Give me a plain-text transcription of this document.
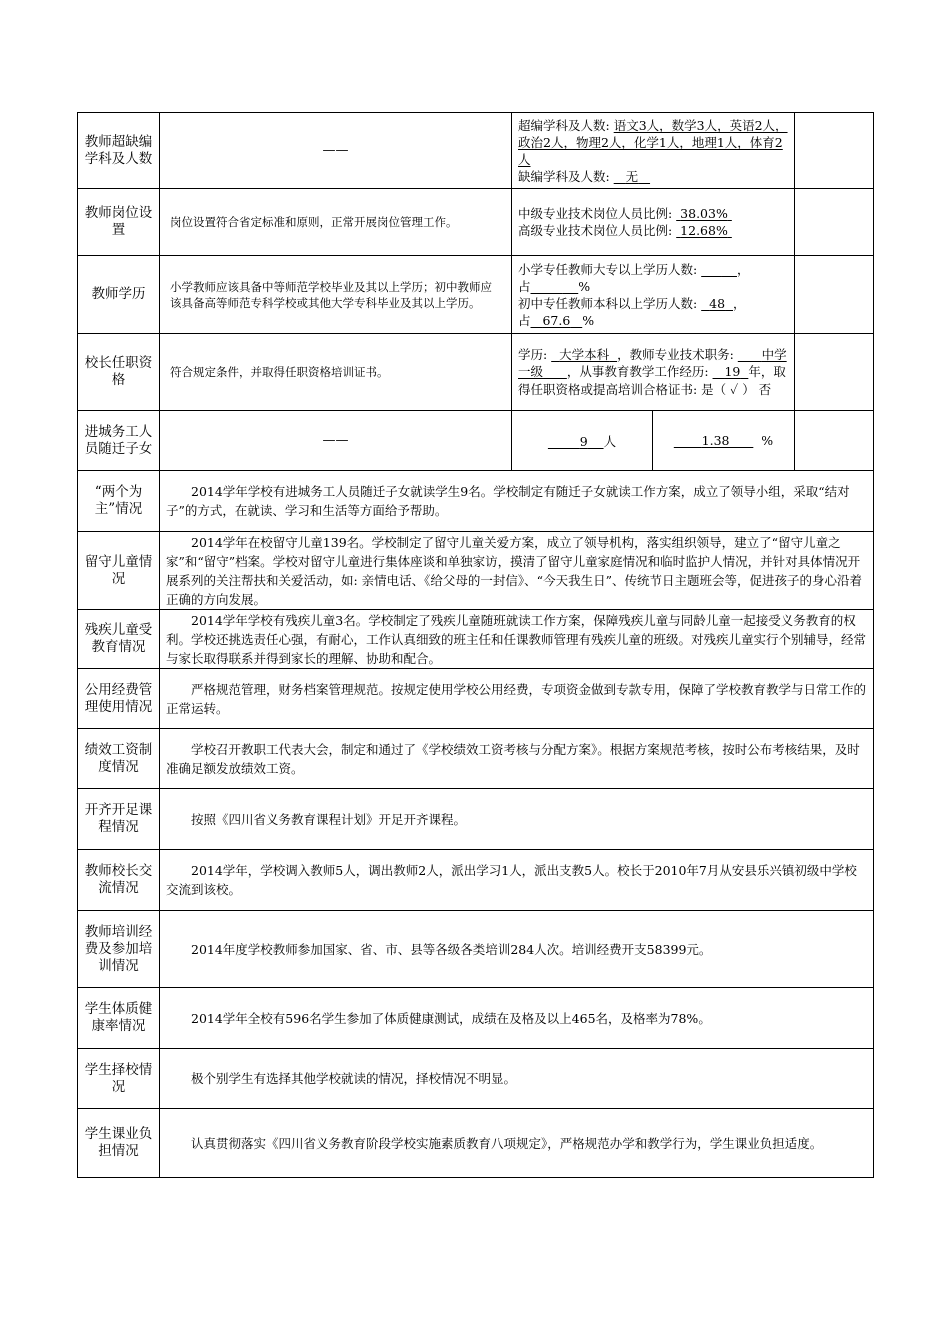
教师超缺编学科及人数	——	超编学科及人数: 语文3人，数学3人，英语2人，政治2人，物理2人，化学1人，地理1人，体育2人
缺编学科及人数:    无		

教师岗位设置	岗位设置符合省定标准和原则，正常开展岗位管理工作。	中级专业技术岗位人员比例:  38.03%
高级专业技术岗位人员比例:  12.68%		

教师学历	小学教师应该具备中等师范学校毕业及其以上学历；初中教师应该具备高等师范专科学校或其他大学专科毕业及其以上学历。	小学专任教师大专以上学历人数: ，占 %
初中专任教师本科以上学历人数:   48 ，占 67.6 %		

校长任职资格	符合规定条件，并取得任职资格培训证书。	学历:   大学本科 ，教师专业技术职务:       中学一级 ，从事教育教学工作经历:    19 年，取得任职资格或提高培训合格证书: 是（ ✓ ） 否		
进城务工人员随迁子女	——	9 人	1.38 %	
“两个为主”情况	2014学年学校有进城务工人员随迁子女就读学生9名。学校制定有随迁子女就读工作方案，成立了领导小组，采取“结对子”的方式，在就读、学习和生活等方面给予帮助。			
留守儿童情况	2014学年在校留守儿童139名。学校制定了留守儿童关爱方案，成立了领导机构，落实组织领导，建立了“留守儿童之家”和“留守”档案。学校对留守儿童进行集体座谈和单独家访，摸清了留守儿童家庭情况和临时监护人情况，并针对具体情况开展系列的关注帮扶和关爱活动，如: 亲情电话、《给父母的一封信》、“今天我生日”、传统节日主题班会等，促进孩子的身心沿着正确的方向发展。			
残疾儿童受教育情况	2014学年学校有残疾儿童3名。学校制定了残疾儿童随班就读工作方案，保障残疾儿童与同龄儿童一起接受义务教育的权利。学校还挑选责任心强，有耐心，工作认真细致的班主任和任课教师管理有残疾儿童的班级。对残疾儿童实行个别辅导，经常与家长取得联系并得到家长的理解、协助和配合。			
公用经费管理使用情况	严格规范管理，财务档案管理规范。按规定使用学校公用经费，专项资金做到专款专用，保障了学校教育教学与日常工作的正常运转。			
绩效工资制度情况	学校召开教职工代表大会，制定和通过了《学校绩效工资考核与分配方案》。根据方案规范考核，按时公布考核结果，及时准确足额发放绩效工资。			
开齐开足课程情况	按照《四川省义务教育课程计划》开足开齐课程。			
教师校长交流情况	2014学年，学校调入教师5人，调出教师2人，派出学习1人，派出支教5人。校长于2010年7月从安县乐兴镇初级中学校交流到该校。			
教师培训经费及参加培训情况	2014年度学校教师参加国家、省、市、县等各级各类培训284人次。培训经费开支58399元。			
学生体质健康率情况	2014学年全校有596名学生参加了体质健康测试，成绩在及格及以上465名，及格率为78%。			
学生择校情况	极个别学生有选择其他学校就读的情况，择校情况不明显。			
学生课业负担情况	认真贯彻落实《四川省义务教育阶段学校实施素质教育八项规定》，严格规范办学和教学行为，学生课业负担适度。			
